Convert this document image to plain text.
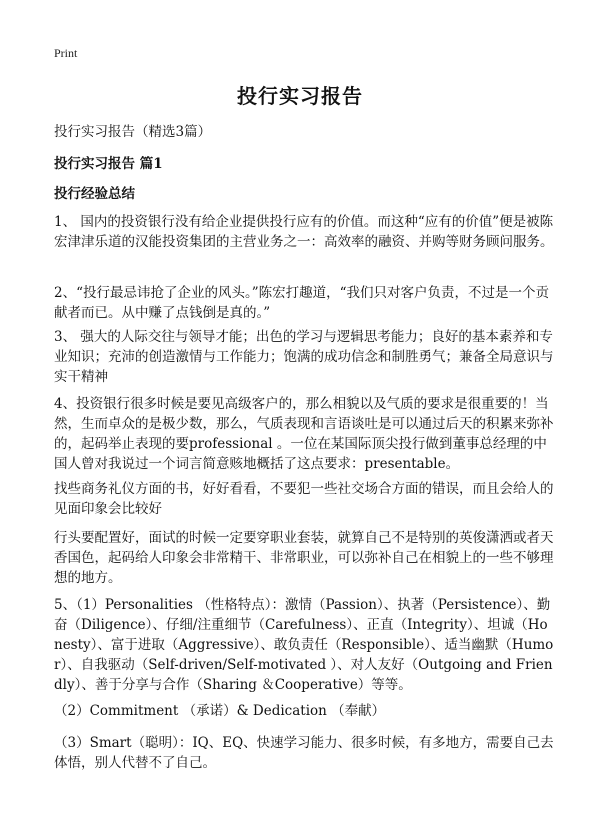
Print
投行实习报告

投行实习报告（精选3篇）

投行实习报告 篇1

投行经验总结

1、 国内的投资银行没有给企业提供投行应有的价值。而这种“应有的价值”便是被陈宏津津乐道的汉能投资集团的主营业务之一：高效率的融资、并购等财务顾问服务。

2、“投行最忌讳抢了企业的风头。”陈宏打趣道，“我们只对客户负责，不过是一个贡献者而已。从中赚了点钱倒是真的。”

3、 强大的人际交往与领导才能；出色的学习与逻辑思考能力；良好的基本素养和专业知识；充沛的创造激情与工作能力；饱满的成功信念和制胜勇气；兼备全局意识与实干精神

4、投资银行很多时候是要见高级客户的，那么相貌以及气质的要求是很重要的！当然，生而卓众的是极少数，那么，气质表现和言语谈吐是可以通过后天的积累来弥补的，起码举止表现的要professional 。一位在某国际顶尖投行做到董事总经理的中国人曾对我说过一个词言简意赅地概括了这点要求：presentable。

找些商务礼仪方面的书，好好看看，不要犯一些社交场合方面的错误，而且会给人的见面印象会比较好

行头要配置好，面试的时候一定要穿职业套装，就算自己不是特别的英俊潇洒或者天香国色，起码给人印象会非常精干、非常职业，可以弥补自己在相貌上的一些不够理想的地方。

5、（1）Personalities （性格特点）：激情（Passion）、执著（Persistence）、勤奋（Diligence）、仔细/注重细节（Carefulness）、正直（Integrity）、坦诚（Honesty）、富于进取（Aggressive）、敢负责任（Responsible）、适当幽默（Humor）、自我驱动（Self-driven/Self-motivated ）、对人友好（Outgoing and Friendly）、善于分享与合作（Sharing ＆Cooperative）等等。

（2）Commitment （承诺）& Dedication （奉献）

（3）Smart（聪明）：IQ、EQ、快速学习能力、很多时候，有多地方，需要自己去体悟，别人代替不了自己。
